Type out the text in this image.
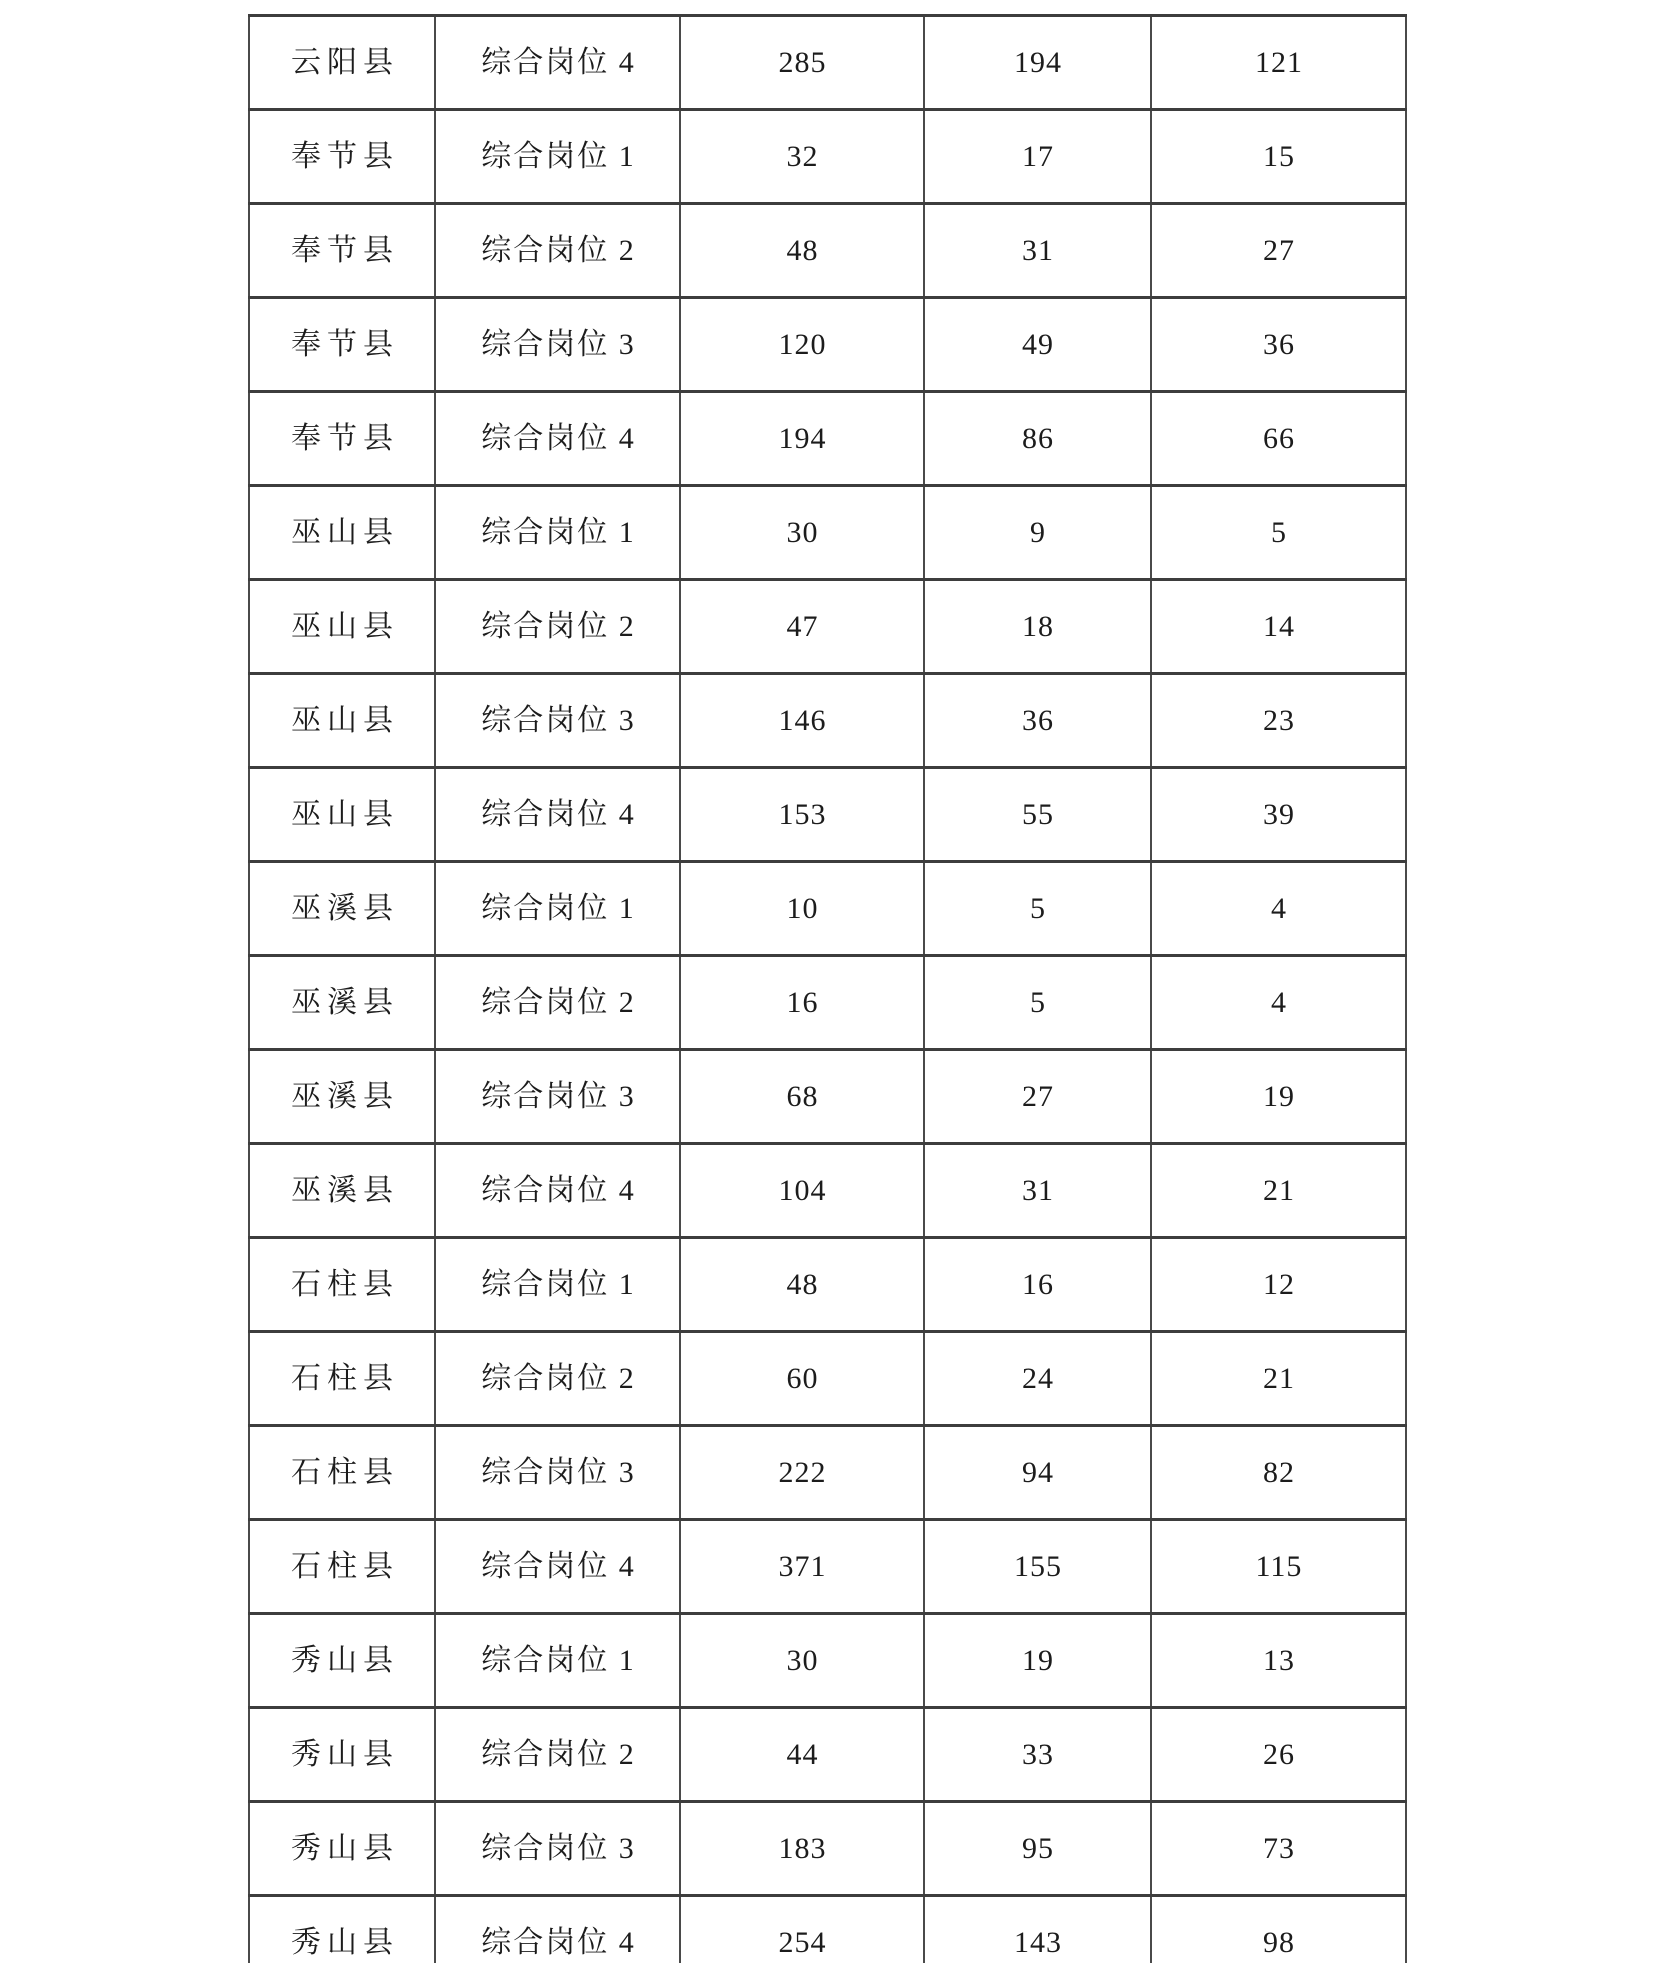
云阳县	综合岗位 4	285	194	121
奉节县	综合岗位 1	32	17	15
奉节县	综合岗位 2	48	31	27
奉节县	综合岗位 3	120	49	36
奉节县	综合岗位 4	194	86	66
巫山县	综合岗位 1	30	9	5
巫山县	综合岗位 2	47	18	14
巫山县	综合岗位 3	146	36	23
巫山县	综合岗位 4	153	55	39
巫溪县	综合岗位 1	10	5	4
巫溪县	综合岗位 2	16	5	4
巫溪县	综合岗位 3	68	27	19
巫溪县	综合岗位 4	104	31	21
石柱县	综合岗位 1	48	16	12
石柱县	综合岗位 2	60	24	21
石柱县	综合岗位 3	222	94	82
石柱县	综合岗位 4	371	155	115
秀山县	综合岗位 1	30	19	13
秀山县	综合岗位 2	44	33	26
秀山县	综合岗位 3	183	95	73
秀山县	综合岗位 4	254	143	98
